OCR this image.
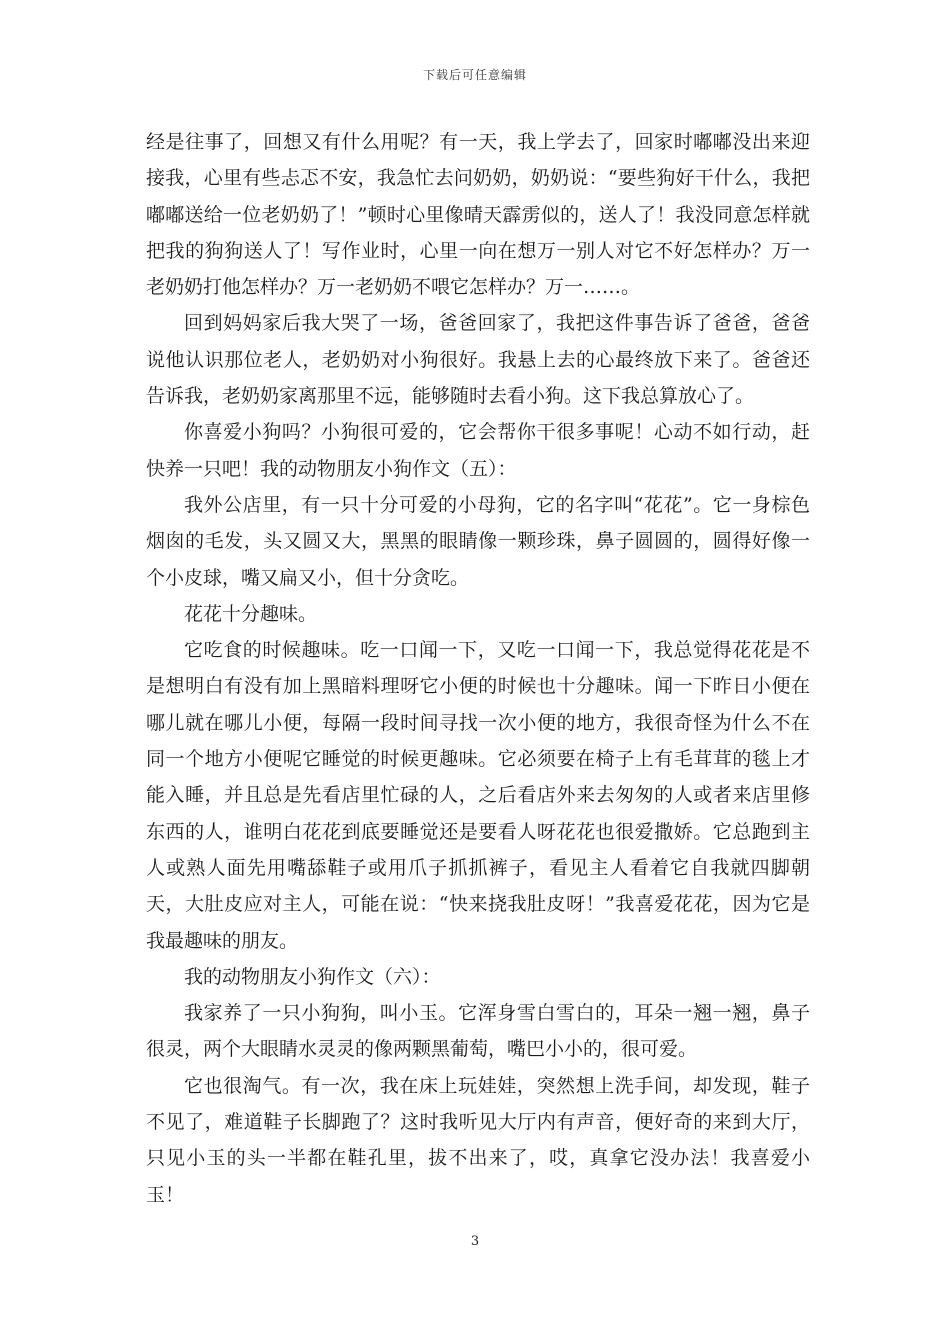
下载后可任意编辑

经是往事了，回想又有什么用呢？有一天，我上学去了，回家时嘟嘟没出来迎接我，心里有些忐忑不安，我急忙去问奶奶，奶奶说：“要些狗好干什么，我把嘟嘟送给一位老奶奶了！”顿时心里像晴天霹雳似的，送人了！我没同意怎样就把我的狗狗送人了！写作业时，心里一向在想万一别人对它不好怎样办？万一老奶奶打他怎样办？万一老奶奶不喂它怎样办？万一……。

回到妈妈家后我大哭了一场，爸爸回家了，我把这件事告诉了爸爸，爸爸说他认识那位老人，老奶奶对小狗很好。我悬上去的心最终放下来了。爸爸还告诉我，老奶奶家离那里不远，能够随时去看小狗。这下我总算放心了。

你喜爱小狗吗？小狗很可爱的，它会帮你干很多事呢！心动不如行动，赶快养一只吧！我的动物朋友小狗作文（五）：

我外公店里，有一只十分可爱的小母狗，它的名字叫“花花”。它一身棕色烟囱的毛发，头又圆又大，黑黑的眼睛像一颗珍珠，鼻子圆圆的，圆得好像一个小皮球，嘴又扁又小，但十分贪吃。

花花十分趣味。

它吃食的时候趣味。吃一口闻一下，又吃一口闻一下，我总觉得花花是不是想明白有没有加上黑暗料理呀它小便的时候也十分趣味。闻一下昨日小便在哪儿就在哪儿小便，每隔一段时间寻找一次小便的地方，我很奇怪为什么不在同一个地方小便呢它睡觉的时候更趣味。它必须要在椅子上有毛茸茸的毯上才能入睡，并且总是先看店里忙碌的人，之后看店外来去匆匆的人或者来店里修东西的人，谁明白花花到底要睡觉还是要看人呀花花也很爱撒娇。它总跑到主人或熟人面先用嘴舔鞋子或用爪子抓抓裤子，看见主人看着它自我就四脚朝天，大肚皮应对主人，可能在说：“快来挠我肚皮呀！”我喜爱花花，因为它是我最趣味的朋友。

我的动物朋友小狗作文（六）：

我家养了一只小狗狗，叫小玉。它浑身雪白雪白的，耳朵一翘一翘，鼻子很灵，两个大眼睛水灵灵的像两颗黑葡萄，嘴巴小小的，很可爱。

它也很淘气。有一次，我在床上玩娃娃，突然想上洗手间，却发现，鞋子不见了，难道鞋子长脚跑了？这时我听见大厅内有声音，便好奇的来到大厅，只见小玉的头一半都在鞋孔里，拔不出来了，哎，真拿它没办法！我喜爱小玉！

3
